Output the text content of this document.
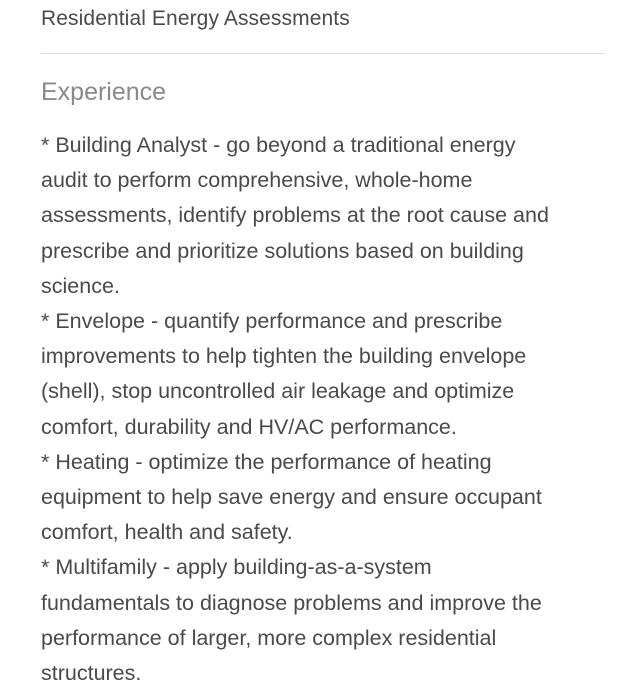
Residential Energy Assessments
Experience
* Building Analyst - go beyond a traditional energy
audit to perform comprehensive, whole-home
assessments, identify problems at the root cause and
prescribe and prioritize solutions based on building
science.
* Envelope - quantify performance and prescribe
improvements to help tighten the building envelope
(shell), stop uncontrolled air leakage and optimize
comfort, durability and HV/AC performance.
* Heating - optimize the performance of heating
equipment to help save energy and ensure occupant
comfort, health and safety.
* Multifamily - apply building-as-a-system
fundamentals to diagnose problems and improve the
performance of larger, more complex residential
structures.
